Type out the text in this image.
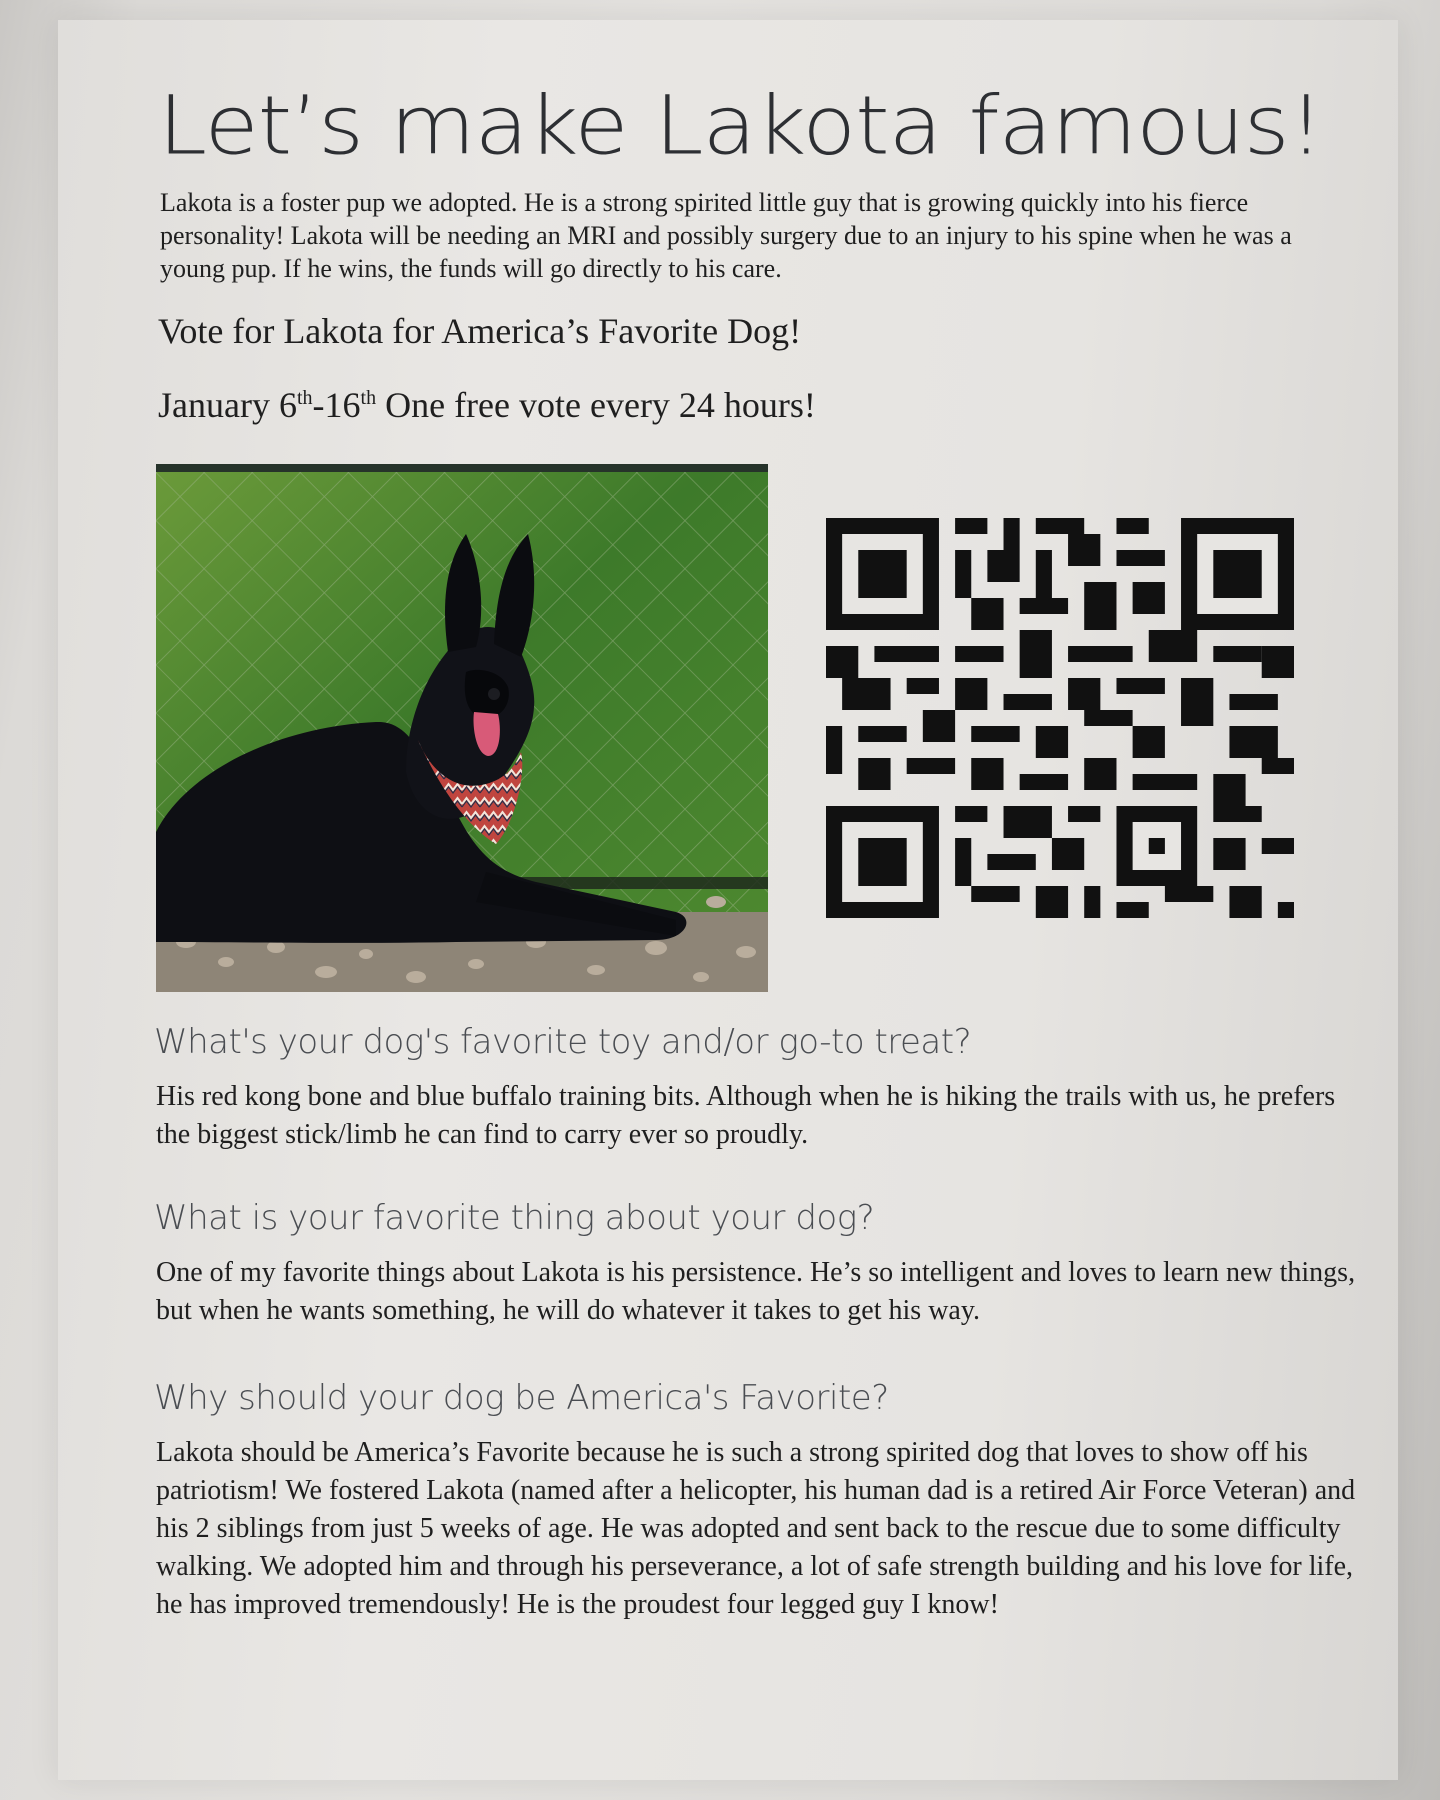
Let’s make Lakota famous!

Lakota is a foster pup we adopted. He is a strong spirited little guy that is growing quickly into his fierce personality! Lakota will be needing an MRI and possibly surgery due to an injury to his spine when he was a young pup. If he wins, the funds will go directly to his care.

Vote for Lakota for America’s Favorite Dog!

January 6th-16th One free vote every 24 hours!

What's your dog's favorite toy and/or go-to treat?

His red kong bone and blue buffalo training bits. Although when he is hiking the trails with us, he prefers the biggest stick/limb he can find to carry ever so proudly.

What is your favorite thing about your dog?

One of my favorite things about Lakota is his persistence. He’s so intelligent and loves to learn new things, but when he wants something, he will do whatever it takes to get his way.

Why should your dog be America's Favorite?

Lakota should be America’s Favorite because he is such a strong spirited dog that loves to show off his patriotism! We fostered Lakota (named after a helicopter, his human dad is a retired Air Force Veteran) and his 2 siblings from just 5 weeks of age. He was adopted and sent back to the rescue due to some difficulty walking. We adopted him and through his perseverance, a lot of safe strength building and his love for life, he has improved tremendously! He is the proudest four legged guy I know!
